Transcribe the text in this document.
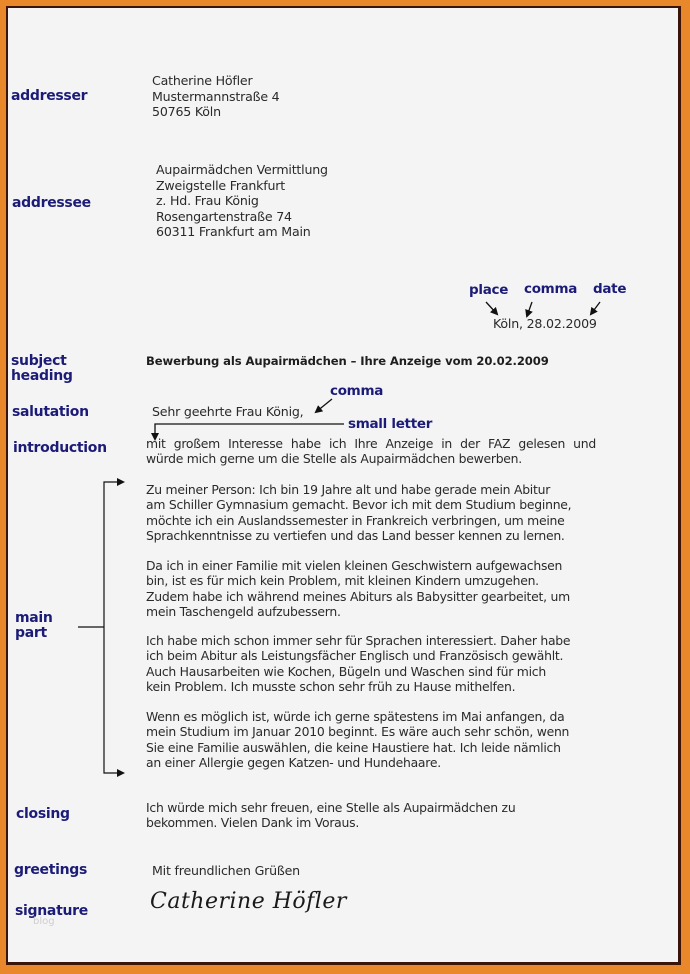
addresser
addressee
subject
heading
salutation
introduction
main
part
closing
greetings
signature
blog
Catherine Höfler
Mustermannstraße 4
50765 Köln
Aupairmädchen Vermittlung
Zweigstelle Frankfurt
z. Hd. Frau König
Rosengartenstraße 74
60311 Frankfurt am Main
place comma date
Köln, 28.02.2009
Bewerbung als Aupairmädchen – Ihre Anzeige vom 20.02.2009
Sehr geehrte Frau König,
comma
small letter
mit großem Interesse habe ich Ihre Anzeige in der FAZ gelesen und
würde mich gerne um die Stelle als Aupairmädchen bewerben.
Zu meiner Person: Ich bin 19 Jahre alt und habe gerade mein Abitur
am Schiller Gymnasium gemacht. Bevor ich mit dem Studium beginne,
möchte ich ein Auslandssemester in Frankreich verbringen, um meine
Sprachkenntnisse zu vertiefen und das Land besser kennen zu lernen.
Da ich in einer Familie mit vielen kleinen Geschwistern aufgewachsen
bin, ist es für mich kein Problem, mit kleinen Kindern umzugehen.
Zudem habe ich während meines Abiturs als Babysitter gearbeitet, um
mein Taschengeld aufzubessern.
Ich habe mich schon immer sehr für Sprachen interessiert. Daher habe
ich beim Abitur als Leistungsfächer Englisch und Französisch gewählt.
Auch Hausarbeiten wie Kochen, Bügeln und Waschen sind für mich
kein Problem. Ich musste schon sehr früh zu Hause mithelfen.
Wenn es möglich ist, würde ich gerne spätestens im Mai anfangen, da
mein Studium im Januar 2010 beginnt. Es wäre auch sehr schön, wenn
Sie eine Familie auswählen, die keine Haustiere hat. Ich leide nämlich
an einer Allergie gegen Katzen- und Hundehaare.
Ich würde mich sehr freuen, eine Stelle als Aupairmädchen zu
bekommen. Vielen Dank im Voraus.
Mit freundlichen Grüßen
Catherine Höfler
